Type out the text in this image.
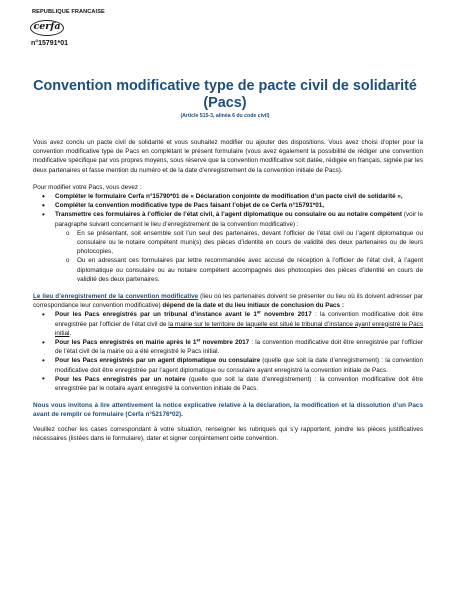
REPUBLIQUE FRANCAISE
cerfa
n°15791*01
Convention modificative type de pacte civil de solidarité
(Pacs)
(Article 515-3, alinéa 6 du code civil)

Vous avez conclu un pacte civil de solidarité et vous souhaitez modifier ou ajouter des dispositions. Vous avez choisi d’opter pour la convention modificative type de Pacs en complétant le présent formulaire (vous avez également la possibilité de rédiger une convention modificative spécifique par vos propres moyens, sous réserve que la convention modificative soit datée, rédigée en français, signée par les deux partenaires et fasse mention du numéro et de la date d’enregistrement de la convention initiale de Pacs).

Pour modifier votre Pacs, vous devez :

• Compléter le formulaire Cerfa n°15790*01 de « Déclaration conjointe de modification d’un pacte civil de solidarité »,
• Compléter la convention modificative type de Pacs faisant l’objet de ce Cerfa n°15791*01,
• Transmettre ces formulaires à l’officier de l’état civil, à l’agent diplomatique ou consulaire ou au notaire compétent (voir le paragraphe suivant concernant le lieu d’enregistrement de la convention modificative) :
o En se présentant, soit ensemble soit l’un seul des partenaires, devant l’officier de l’état civil ou l’agent diplomatique ou consulaire ou le notaire compétent muni(s) des pièces d’identité en cours de validité des deux partenaires ou de leurs photocopies,
o Ou en adressant ces formulaires par lettre recommandée avec accusé de réception à l’officier de l’état civil, à l’agent diplomatique ou consulaire ou au notaire compétent accompagnés des photocopies des pièces d’identité en cours de validité des deux partenaires.

Le lieu d’enregistrement de la convention modificative (lieu où les partenaires doivent se présenter ou lieu où ils doivent adresser par correspondance leur convention modificative) dépend de la date et du lieu initiaux de conclusion du Pacs :

• Pour les Pacs enregistrés par un tribunal d’instance avant le 1er novembre 2017 : la convention modificative doit être enregistrée par l’officier de l’état civil de la mairie sur le territoire de laquelle est situé le tribunal d’instance ayant enregistré le Pacs initial.
• Pour les Pacs enregistrés en mairie après le 1er novembre 2017 : la convention modificative doit être enregistrée par l’officier de l’état civil de la mairie où a été enregistré le Pacs initial.
• Pour les Pacs enregistrés par un agent diplomatique ou consulaire (quelle que soit la date d’enregistrement) : la convention modificative doit être enregistrée par l’agent diplomatique ou consulaire ayant enregistré la convention initiale de Pacs.
• Pour les Pacs enregistrés par un notaire (quelle que soit la date d’enregistrement) : la convention modificative doit être enregistrée par le notaire ayant enregistré la convention initiale de Pacs.

Nous vous invitons à lire attentivement la notice explicative relative à la déclaration, la modification et la dissolution d’un Pacs avant de remplir ce formulaire (Cerfa n°52176*02).

Veuillez cocher les cases correspondant à votre situation, renseigner les rubriques qui s’y rapportent, joindre les pièces justificatives nécessaires (listées dans le formulaire), dater et signer conjointement cette convention.
